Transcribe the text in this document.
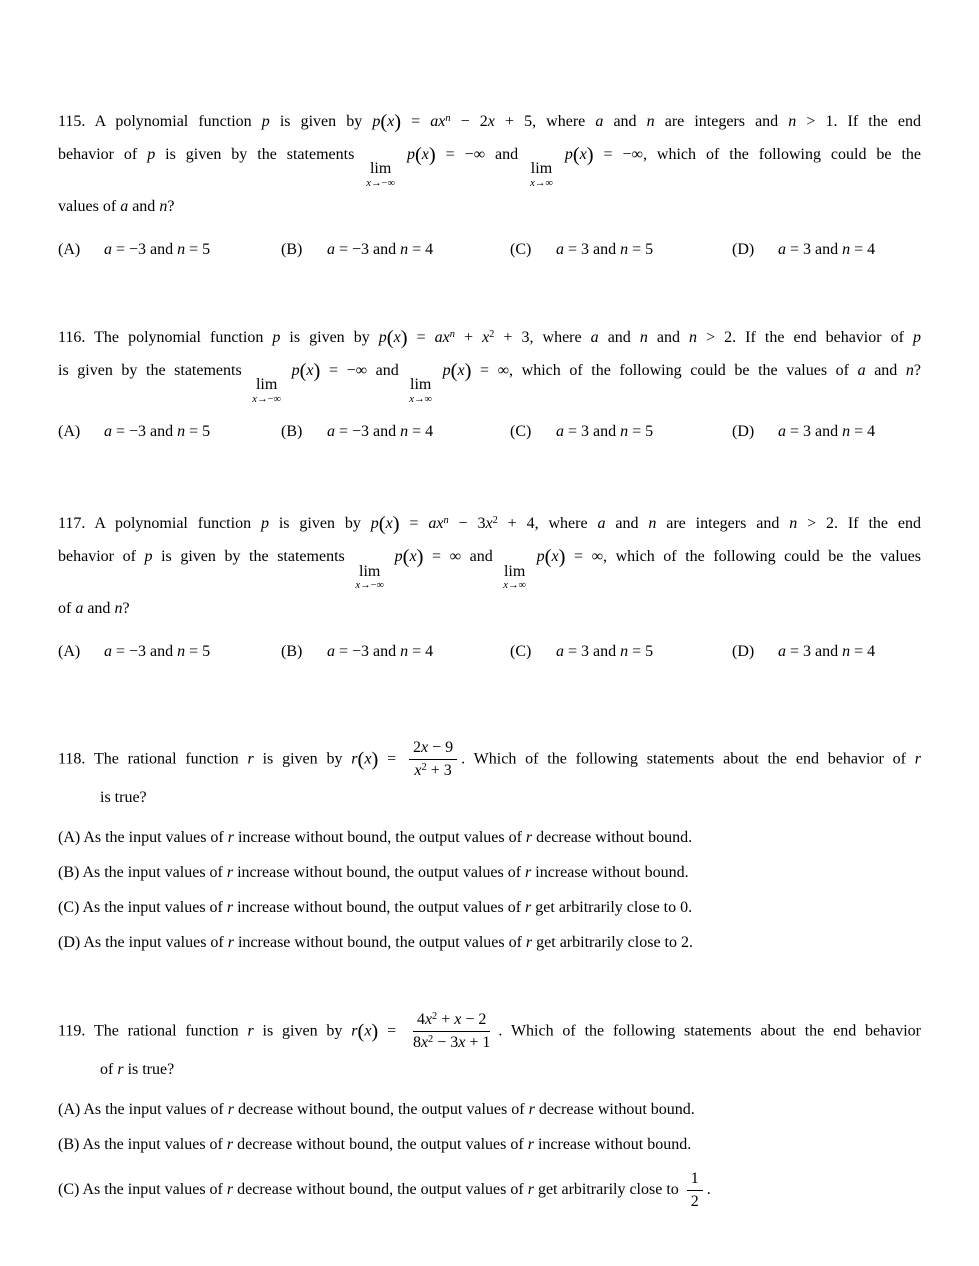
115. A polynomial function p is given by $p(x) = ax^n - 2x + 5$, where a and n are integers and n > 1. If the end
behavior of p is given by the statements
lim
x→−∞
p(x) = −∞ and
lim
x→∞
p(x) = −∞, which of the following could be the
values of a and n?
(A) a = −3 and n = 5	(B) a = −3 and n = 4	(C) a = 3 and n = 5	(D) a = 3 and n = 4
116. The polynomial function p is given by $p(x) = ax^n + x^2 + 3$, where a and n and n > 2. If the end behavior of p
is given by the statements
lim
x→−∞
p(x) = −∞ and
lim
x→∞
p(x) = ∞, which of the following could be the values of a and n?
(A) a = −3 and n = 5	(B) a = −3 and n = 4	(C) a = 3 and n = 5	(D) a = 3 and n = 4
117. A polynomial function p is given by $p(x) = ax^n - 3x^2 + 4$, where a and n are integers and n > 2. If the end
behavior of p is given by the statements
lim
x→−∞
p(x) = ∞ and
lim
x→∞
p(x) = ∞, which of the following could be the values
of a and n?
(A) a = −3 and n = 5	(B) a = −3 and n = 4	(C) a = 3 and n = 5	(D) a = 3 and n = 4
118. The rational function r is given by $r(x) = \frac{2x - 9}{x^2 + 3}$ . Which of the following statements about the end behavior of r
is true?
(A) As the input values of r increase without bound, the output values of r decrease without bound.
(B) As the input values of r increase without bound, the output values of r increase without bound.
(C) As the input values of r increase without bound, the output values of r get arbitrarily close to 0.
(D) As the input values of r increase without bound, the output values of r get arbitrarily close to 2.
119. The rational function r is given by $r(x) = \frac{4x^2 + x - 2}{8x^2 - 3x + 1}$ . Which of the following statements about the end behavior
of r is true?
(A) As the input values of r decrease without bound, the output values of r decrease without bound.
(B) As the input values of r decrease without bound, the output values of r increase without bound.
(C) As the input values of r decrease without bound, the output values of r get arbitrarily close to $\frac{1}{2}$ .
